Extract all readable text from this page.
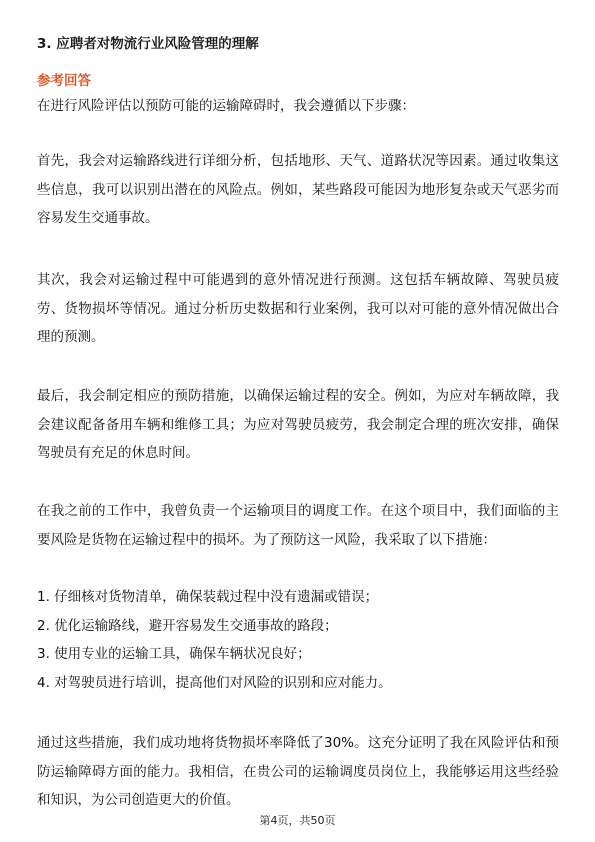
3. 应聘者对物流行业风险管理的理解
参考回答

在进行风险评估以预防可能的运输障碍时，我会遵循以下步骤：

首先，我会对运输路线进行详细分析，包括地形、天气、道路状况等因素。通过收集这些信息，我可以识别出潜在的风险点。例如，某些路段可能因为地形复杂或天气恶劣而容易发生交通事故。

其次，我会对运输过程中可能遇到的意外情况进行预测。这包括车辆故障、驾驶员疲劳、货物损坏等情况。通过分析历史数据和行业案例，我可以对可能的意外情况做出合理的预测。

最后，我会制定相应的预防措施，以确保运输过程的安全。例如，为应对车辆故障，我会建议配备备用车辆和维修工具；为应对驾驶员疲劳，我会制定合理的班次安排，确保驾驶员有充足的休息时间。

在我之前的工作中，我曾负责一个运输项目的调度工作。在这个项目中，我们面临的主要风险是货物在运输过程中的损坏。为了预防这一风险，我采取了以下措施：

1. 仔细核对货物清单，确保装载过程中没有遗漏或错误；
2. 优化运输路线，避开容易发生交通事故的路段；
3. 使用专业的运输工具，确保车辆状况良好；
4. 对驾驶员进行培训，提高他们对风险的识别和应对能力。

通过这些措施，我们成功地将货物损坏率降低了30%。这充分证明了我在风险评估和预防运输障碍方面的能力。我相信，在贵公司的运输调度员岗位上，我能够运用这些经验和知识，为公司创造更大的价值。

第4页，共50页
